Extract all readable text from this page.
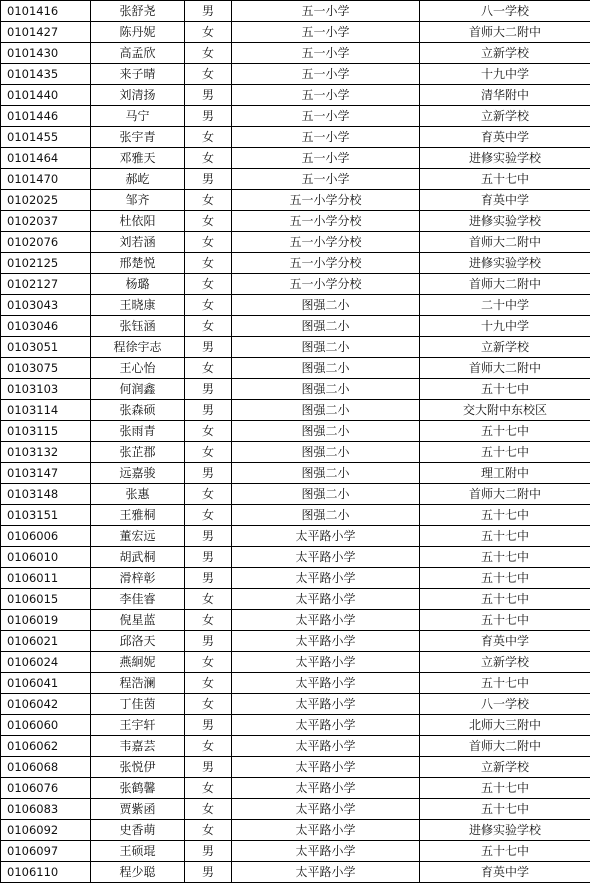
0101416	张舒尧	男	五一小学	八一学校
0101427	陈丹妮	女	五一小学	首师大二附中
0101430	高孟欣	女	五一小学	立新学校
0101435	来子晴	女	五一小学	十九中学
0101440	刘清扬	男	五一小学	清华附中
0101446	马宁	男	五一小学	立新学校
0101455	张宇青	女	五一小学	育英中学
0101464	邓雅天	女	五一小学	进修实验学校
0101470	郝屹	男	五一小学	五十七中
0102025	邹齐	女	五一小学分校	育英中学
0102037	杜依阳	女	五一小学分校	进修实验学校
0102076	刘若涵	女	五一小学分校	首师大二附中
0102125	邢楚悦	女	五一小学分校	进修实验学校
0102127	杨璐	女	五一小学分校	首师大二附中
0103043	王晓康	女	图强二小	二十中学
0103046	张钰涵	女	图强二小	十九中学
0103051	程徐宇志	男	图强二小	立新学校
0103075	王心怡	女	图强二小	首师大二附中
0103103	何润鑫	男	图强二小	五十七中
0103114	张森硕	男	图强二小	交大附中东校区
0103115	张雨青	女	图强二小	五十七中
0103132	张芷郡	女	图强二小	五十七中
0103147	远嘉骏	男	图强二小	理工附中
0103148	张惠	女	图强二小	首师大二附中
0103151	王雅桐	女	图强二小	五十七中
0106006	董宏远	男	太平路小学	五十七中
0106010	胡武桐	男	太平路小学	五十七中
0106011	滑梓彰	男	太平路小学	五十七中
0106015	李佳睿	女	太平路小学	五十七中
0106019	倪星蓝	女	太平路小学	五十七中
0106021	邱洛天	男	太平路小学	育英中学
0106024	燕絅妮	女	太平路小学	立新学校
0106041	程浩澜	女	太平路小学	五十七中
0106042	丁佳茵	女	太平路小学	八一学校
0106060	王宇轩	男	太平路小学	北师大三附中
0106062	韦嘉芸	女	太平路小学	首师大二附中
0106068	张悦伊	男	太平路小学	立新学校
0106076	张鹤馨	女	太平路小学	五十七中
0106083	贾紫函	女	太平路小学	五十七中
0106092	史香萌	女	太平路小学	进修实验学校
0106097	王硕琨	男	太平路小学	五十七中
0106110	程少聪	男	太平路小学	育英中学
